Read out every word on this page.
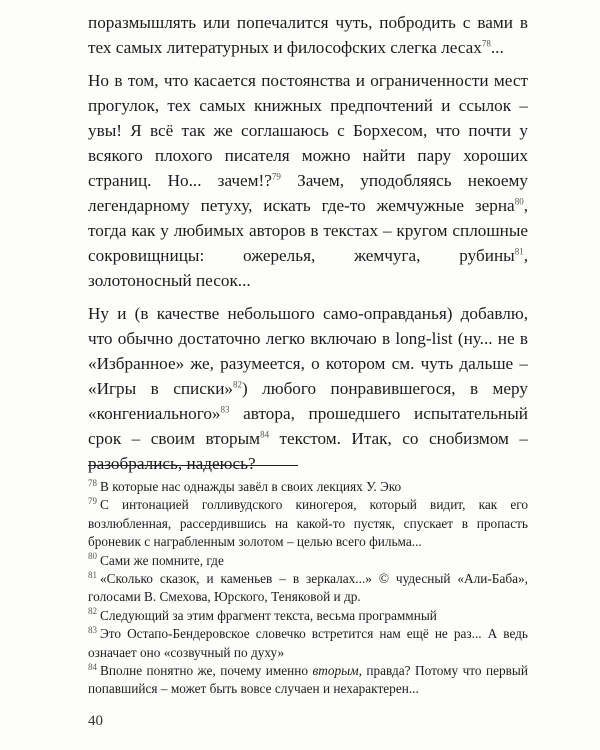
поразмышлять или попечалится чуть, побродить с вами в тех самых литературных и философских слегка лесах$^{78}$...

Но в том, что касается постоянства и ограниченности мест прогулок, тех самых книжных предпочтений и ссылок – увы! Я всё так же соглашаюсь с Борхесом, что почти у всякого плохого писателя можно найти пару хороших страниц. Но... зачем!?$^{79}$ Зачем, уподобляясь некоему легендарному петуху, искать где-то жемчужные зерна$^{80}$, тогда как у любимых авторов в текстах – кругом сплошные сокровищницы: ожерелья, жемчуга, рубины$^{81}$, золотоносный песок...

Ну и (в качестве небольшого само-оправданья) добавлю, что обычно достаточно легко включаю в long-list (ну... не в «Избранное» же, разумеется, о котором см. чуть дальше – «Игры в списки»$^{82}$) любого понравившегося, в меру «конгениального»$^{83}$ автора, прошедшего испытательный срок – своим вторым$^{84}$ текстом. Итак, со снобизмом – разобрались, надеюсь?

$^{78}$ В которые нас однажды завёл в своих лекциях У. Эко

$^{79}$ С интонацией голливудского киногероя, который видит, как его возлюбленная, рассердившись на какой-то пустяк, спускает в пропасть броневик с награбленным золотом – целью всего фильма...

$^{80}$ Сами же помните, где

$^{81}$ «Сколько сказок, и каменьев – в зеркалах...» © чудесный «Али-Баба», голосами В. Смехова, Юрского, Теняковой и др.

$^{82}$ Следующий за этим фрагмент текста, весьма программный

$^{83}$ Это Остапо-Бендеровское словечко встретится нам ещё не раз... А ведь означает оно «созвучный по духу»

$^{84}$ Вполне понятно же, почему именно вторым, правда? Потому что первый попавшийся – может быть вовсе случаен и нехарактерен...

40
